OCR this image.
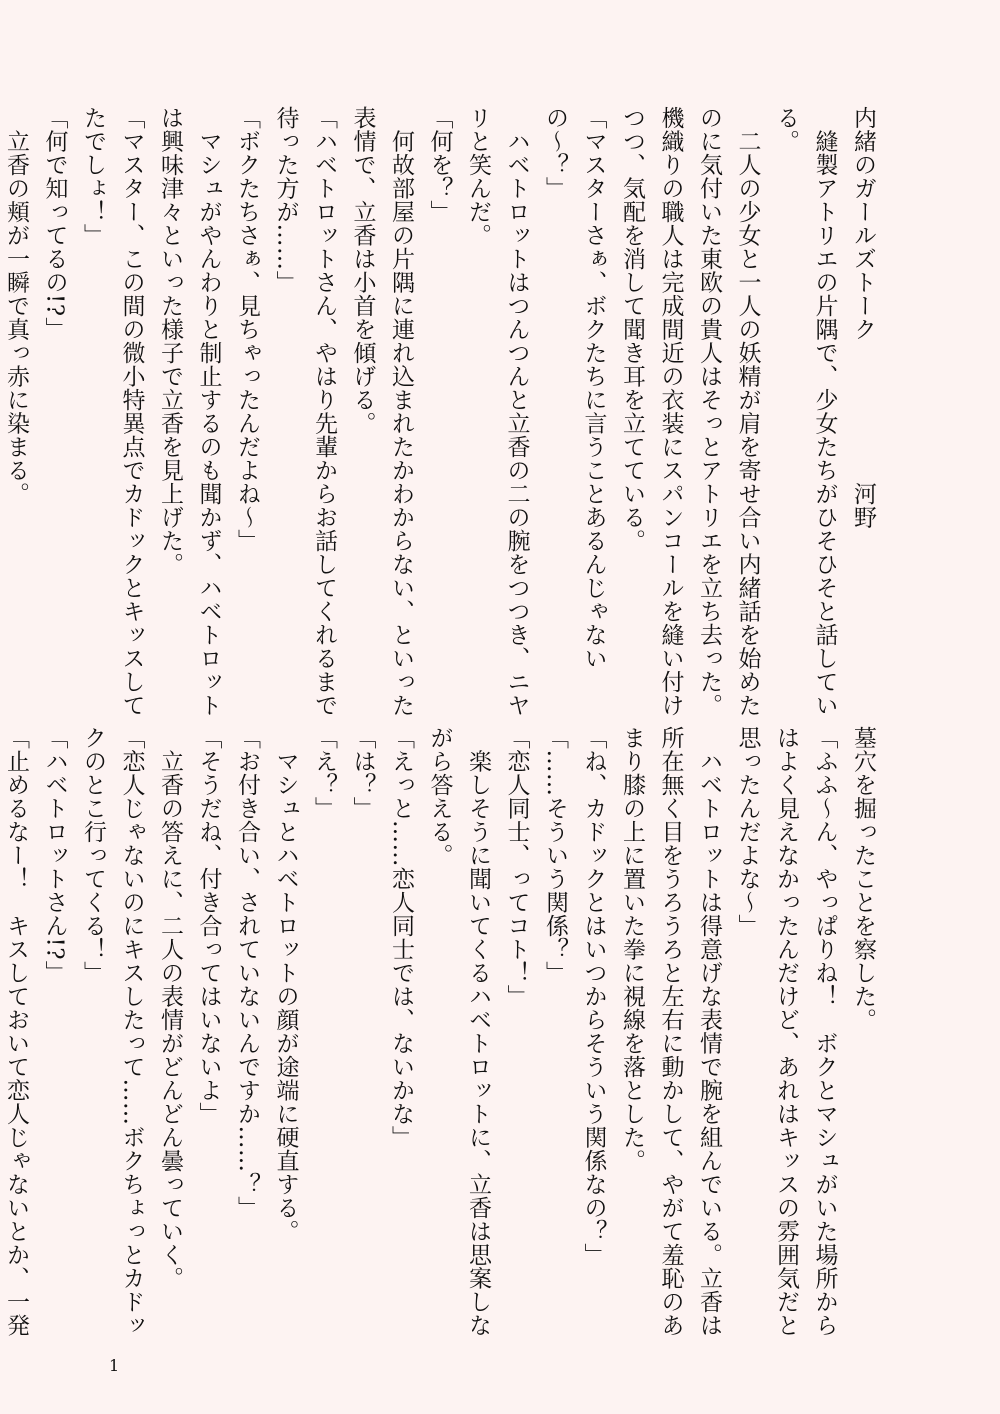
内緒のガールズトーク　　　　　　河野

　縫製アトリエの片隅で、少女たちがひそひそと話してい

る。

　二人の少女と一人の妖精が肩を寄せ合い内緒話を始めた

のに気付いた東欧の貴人はそっとアトリエを立ち去った。

機織りの職人は完成間近の衣装にスパンコールを縫い付け

つつ、気配を消して聞き耳を立てている。

「マスターさぁ、ボクたちに言うことあるんじゃない

の〜？」

　ハベトロットはつんつんと立香の二の腕をつつき、ニヤ

リと笑んだ。

「何を？」

　何故部屋の片隅に連れ込まれたかわからない、といった

表情で、立香は小首を傾げる。

「ハベトロットさん、やはり先輩からお話してくれるまで

待った方が……」

「ボクたちさぁ、見ちゃったんだよね〜」

　マシュがやんわりと制止するのも聞かず、ハベトロット

は興味津々といった様子で立香を見上げた。

「マスター、この間の微小特異点でカドックとキッスして

たでしょ！」

「何で知ってるの!?」

　立香の頬が一瞬で真っ赤に染まる。

墓穴を掘ったことを察した。

「ふふ〜ん、やっぱりね！　ボクとマシュがいた場所から

はよく見えなかったんだけど、あれはキッスの雰囲気だと

思ったんだよな〜」

　ハベトロットは得意げな表情で腕を組んでいる。立香は

所在無く目をうろうろと左右に動かして、やがて羞恥のあ

まり膝の上に置いた拳に視線を落とした。

「ね、カドックとはいつからそういう関係なの？」

「……そういう関係？」

「恋人同士、ってコト！」

　楽しそうに聞いてくるハベトロットに、立香は思案しな

がら答える。

「えっと……恋人同士では、ないかな」

「は？」

「え？」

　マシュとハベトロットの顔が途端に硬直する。

「お付き合い、されていないんですか……？」

「そうだね、付き合ってはいないよ」

　立香の答えに、二人の表情がどんどん曇っていく。

「恋人じゃないのにキスしたって……ボクちょっとカドッ

クのとこ行ってくる！」

「ハベトロットさん!?」

「止めるなー！　キスしておいて恋人じゃないとか、一発

1
